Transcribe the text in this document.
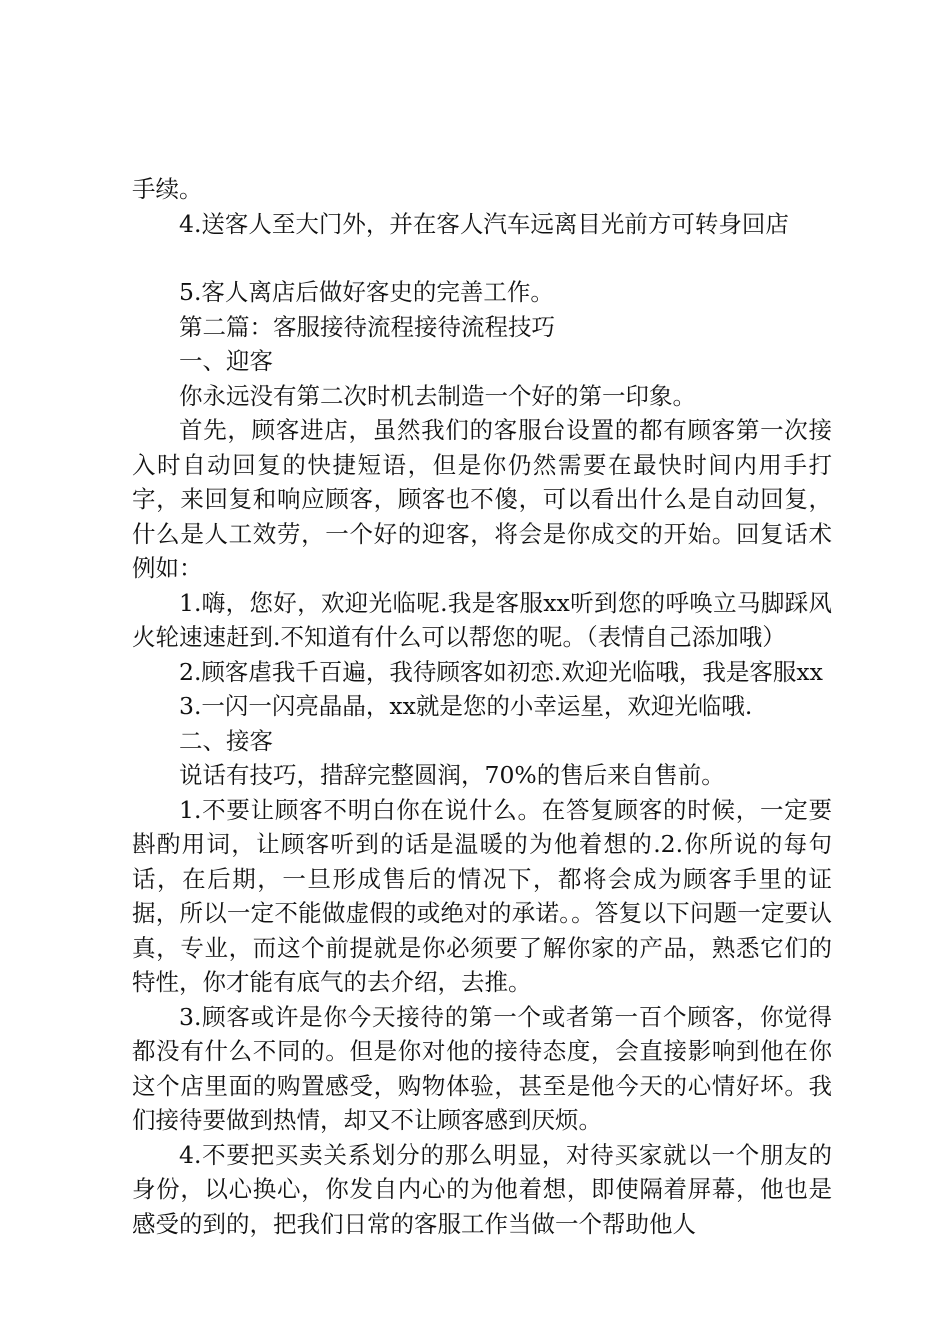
手续。

4.送客人至大门外，并在客人汽车远离目光前方可转身回店

5.客人离店后做好客史的完善工作。

第二篇：客服接待流程接待流程技巧

一、迎客

你永远没有第二次时机去制造一个好的第一印象。

首先，顾客进店，虽然我们的客服台设置的都有顾客第一次接入时自动回复的快捷短语，但是你仍然需要在最快时间内用手打字，来回复和响应顾客，顾客也不傻，可以看出什么是自动回复，什么是人工效劳，一个好的迎客，将会是你成交的开始。回复话术例如：

1.嗨，您好，欢迎光临呢.我是客服xx听到您的呼唤立马脚踩风火轮速速赶到.不知道有什么可以帮您的呢。（表情自己添加哦）

2.顾客虐我千百遍，我待顾客如初恋.欢迎光临哦，我是客服xx

3.一闪一闪亮晶晶，xx就是您的小幸运星，欢迎光临哦.

二、接客

说话有技巧，措辞完整圆润，70%的售后来自售前。

1.不要让顾客不明白你在说什么。在答复顾客的时候，一定要斟酌用词，让顾客听到的话是温暖的为他着想的.2.你所说的每句话，在后期，一旦形成售后的情况下，都将会成为顾客手里的证据，所以一定不能做虚假的或绝对的承诺。。答复以下问题一定要认真，专业，而这个前提就是你必须要了解你家的产品，熟悉它们的特性，你才能有底气的去介绍，去推。

3.顾客或许是你今天接待的第一个或者第一百个顾客，你觉得都没有什么不同的。但是你对他的接待态度，会直接影响到他在你这个店里面的购置感受，购物体验，甚至是他今天的心情好坏。我们接待要做到热情，却又不让顾客感到厌烦。

4.不要把买卖关系划分的那么明显，对待买家就以一个朋友的身份，以心换心，你发自内心的为他着想，即使隔着屏幕，他也是感受的到的，把我们日常的客服工作当做一个帮助他人
